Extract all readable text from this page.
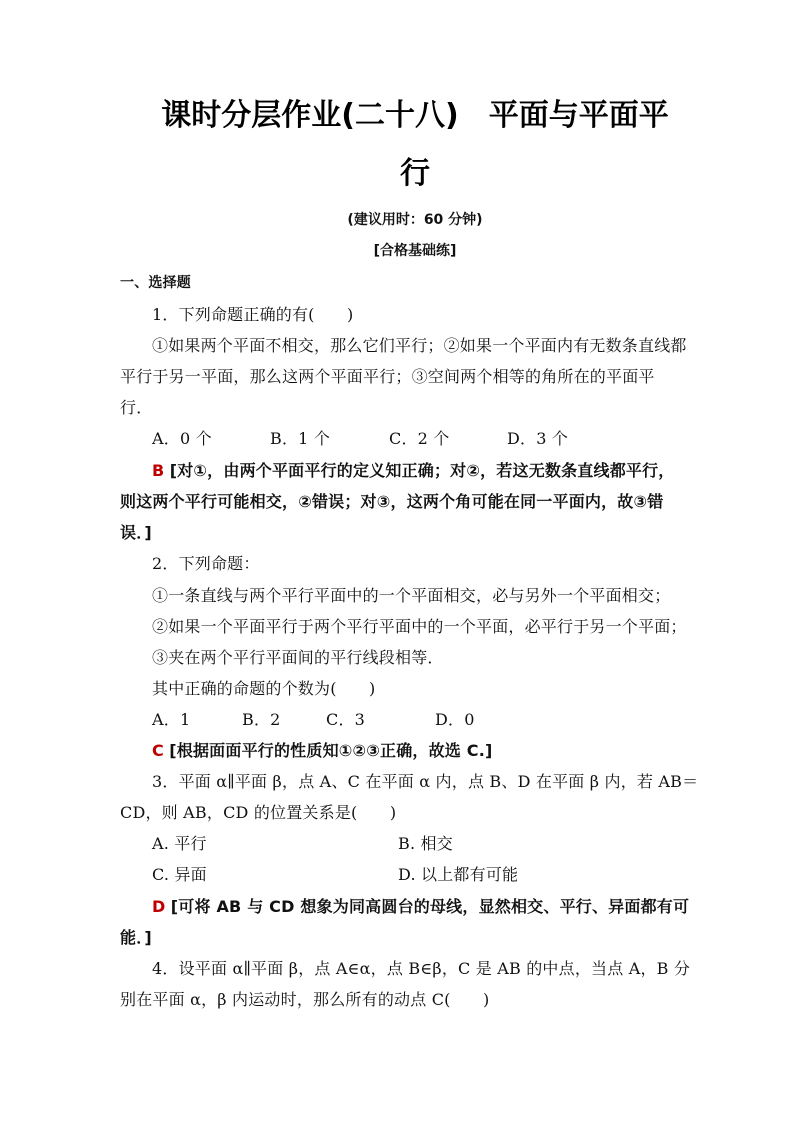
课时分层作业(二十八)　平面与平面平
行
(建议用时：60 分钟)
[合格基础练]
一、选择题
1．下列命题正确的有(　　)
①如果两个平面不相交，那么它们平行；②如果一个平面内有无数条直线都
平行于另一平面，那么这两个平面平行；③空间两个相等的角所在的平面平
行．
A．0 个	B．1 个	C．2 个	D．3 个
B [对①，由两个平面平行的定义知正确；对②，若这无数条直线都平行，
则这两个平行可能相交，②错误；对③，这两个角可能在同一平面内，故③错
误．]
2．下列命题：
①一条直线与两个平行平面中的一个平面相交，必与另外一个平面相交；
②如果一个平面平行于两个平行平面中的一个平面，必平行于另一个平面；
③夹在两个平行平面间的平行线段相等．
其中正确的命题的个数为(　　)
A．1	B．2	C．3	D．0
C [根据面面平行的性质知①②③正确，故选 C.]
3．平面 α∥平面 β，点 A、C 在平面 α 内，点 B、D 在平面 β 内，若 AB＝
CD，则 AB，CD 的位置关系是(　　)
A. 平行	B. 相交
C. 异面	D. 以上都有可能
D [可将 AB 与 CD 想象为同高圆台的母线，显然相交、平行、异面都有可
能．]
4．设平面 α∥平面 β，点 A∈α，点 B∈β，C 是 AB 的中点，当点 A，B 分
别在平面 α，β 内运动时，那么所有的动点 C(　　)
